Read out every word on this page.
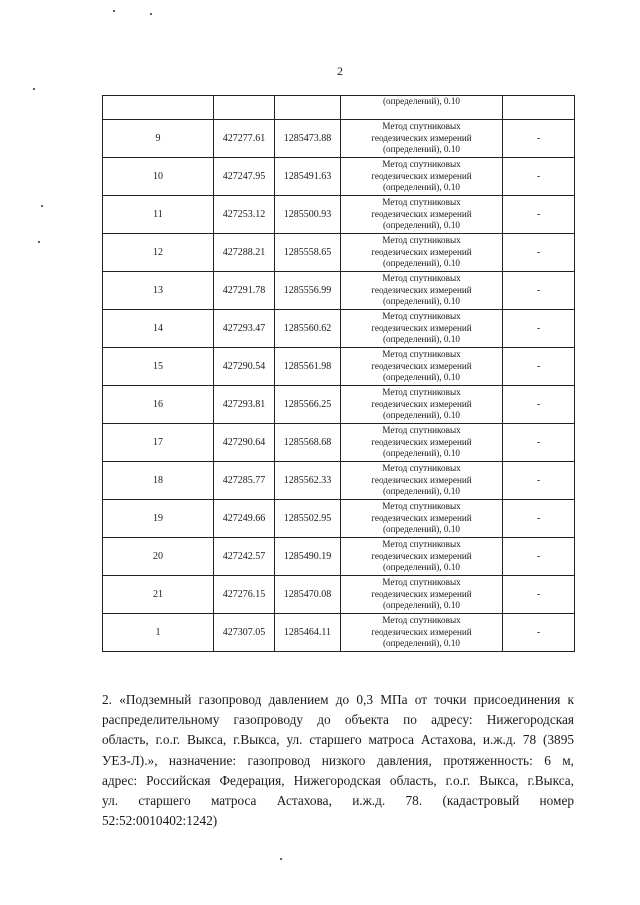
2
			(определений), 0.10	
9	427277.61	1285473.88	Метод спутниковых
геодезических измерений
(определений), 0.10	-
10	427247.95	1285491.63	Метод спутниковых
геодезических измерений
(определений), 0.10	-
11	427253.12	1285500.93	Метод спутниковых
геодезических измерений
(определений), 0.10	-
12	427288.21	1285558.65	Метод спутниковых
геодезических измерений
(определений), 0.10	-
13	427291.78	1285556.99	Метод спутниковых
геодезических измерений
(определений), 0.10	-
14	427293.47	1285560.62	Метод спутниковых
геодезических измерений
(определений), 0.10	-
15	427290.54	1285561.98	Метод спутниковых
геодезических измерений
(определений), 0.10	-
16	427293.81	1285566.25	Метод спутниковых
геодезических измерений
(определений), 0.10	-
17	427290.64	1285568.68	Метод спутниковых
геодезических измерений
(определений), 0.10	-
18	427285.77	1285562.33	Метод спутниковых
геодезических измерений
(определений), 0.10	-
19	427249.66	1285502.95	Метод спутниковых
геодезических измерений
(определений), 0.10	-
20	427242.57	1285490.19	Метод спутниковых
геодезических измерений
(определений), 0.10	-
21	427276.15	1285470.08	Метод спутниковых
геодезических измерений
(определений), 0.10	-
1	427307.05	1285464.11	Метод спутниковых
геодезических измерений
(определений), 0.10	-
2. «Подземный газопровод давлением до 0,3 МПа от точки присоединения к
распределительному газопроводу до объекта по адресу: Нижегородская
область, г.о.г. Выкса, г.Выкса, ул. старшего матроса Астахова, и.ж.д. 78 (3895
УЕЗ-Л).», назначение: газопровод низкого давления, протяженность: 6 м,
адрес: Российская Федерация, Нижегородская область, г.о.г. Выкса, г.Выкса,
ул. старшего матроса Астахова, и.ж.д. 78. (кадастровый номер
52:52:0010402:1242)
